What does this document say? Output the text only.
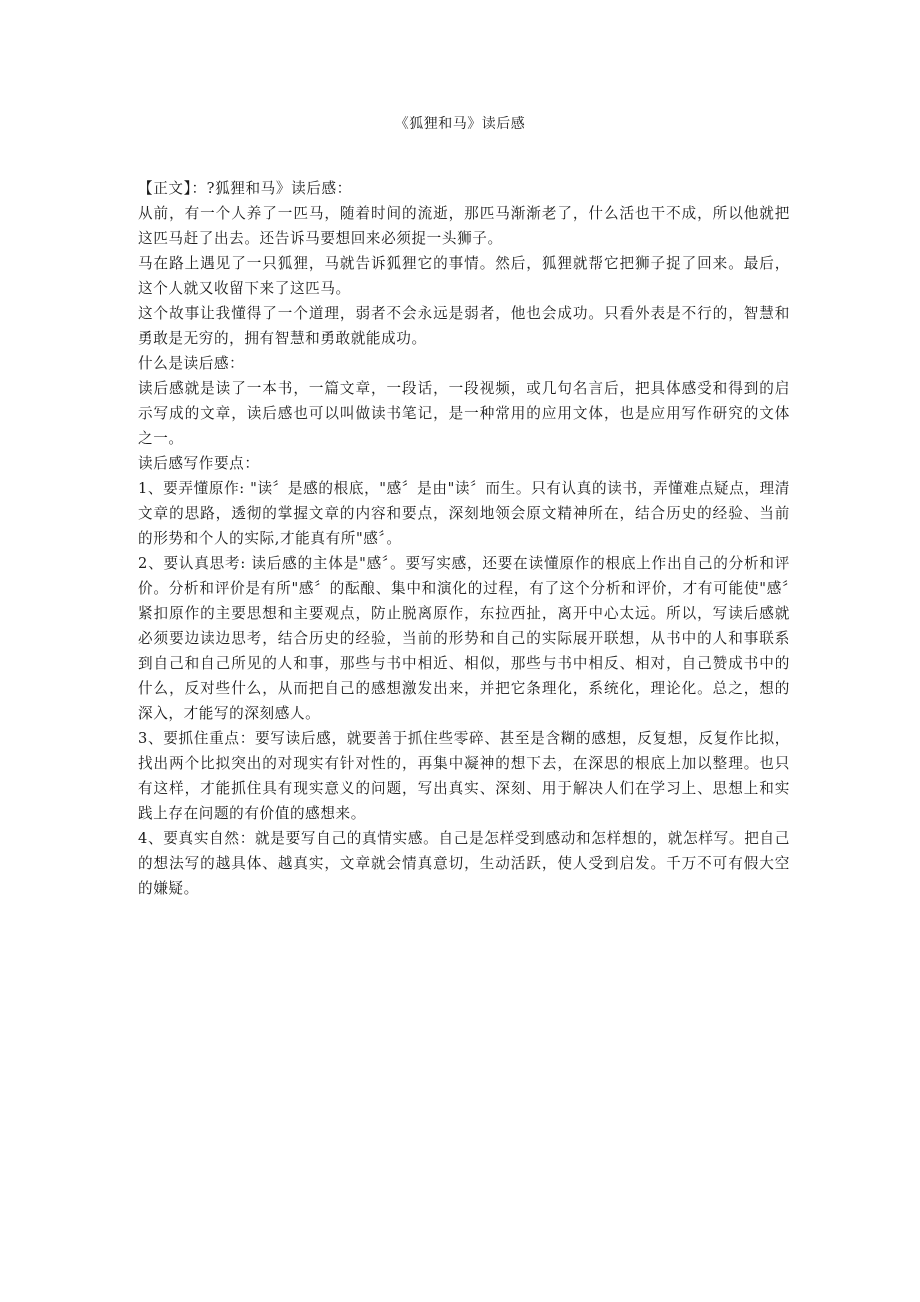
《狐狸和马》读后感

【正文】：?狐狸和马》读后感：

从前，有一个人养了一匹马，随着时间的流逝，那匹马渐渐老了，什么活也干不成，所以他就把这匹马赶了出去。还告诉马要想回来必须捉一头狮子。

马在路上遇见了一只狐狸，马就告诉狐狸它的事情。然后，狐狸就帮它把狮子捉了回来。最后，这个人就又收留下来了这匹马。

这个故事让我懂得了一个道理，弱者不会永远是弱者，他也会成功。只看外表是不行的，智慧和勇敢是无穷的，拥有智慧和勇敢就能成功。

什么是读后感：

读后感就是读了一本书，一篇文章，一段话，一段视频，或几句名言后，把具体感受和得到的启示写成的文章，读后感也可以叫做读书笔记，是一种常用的应用文体，也是应用写作研究的文体之一。

读后感写作要点：

1、要弄懂原作: "读〞是感的根底，"感〞是由"读〞而生。只有认真的读书，弄懂难点疑点，理清文章的思路，透彻的掌握文章的内容和要点，深刻地领会原文精神所在，结合历史的经验、当前的形势和个人的实际,才能真有所"感〞。

2、要认真思考: 读后感的主体是"感〞。要写实感，还要在读懂原作的根底上作出自己的分析和评价。分析和评价是有所"感〞的酝酿、集中和演化的过程，有了这个分析和评价，才有可能使"感〞紧扣原作的主要思想和主要观点，防止脱离原作，东拉西扯，离开中心太远。所以，写读后感就必须要边读边思考，结合历史的经验，当前的形势和自己的实际展开联想，从书中的人和事联系到自己和自己所见的人和事，那些与书中相近、相似，那些与书中相反、相对，自己赞成书中的什么，反对些什么，从而把自己的感想激发出来，并把它条理化，系统化，理论化。总之，想的深入，才能写的深刻感人。

3、要抓住重点：要写读后感，就要善于抓住些零碎、甚至是含糊的感想，反复想，反复作比拟，找出两个比拟突出的对现实有针对性的，再集中凝神的想下去，在深思的根底上加以整理。也只有这样，才能抓住具有现实意义的问题，写出真实、深刻、用于解决人们在学习上、思想上和实践上存在问题的有价值的感想来。

4、要真实自然：就是要写自己的真情实感。自己是怎样受到感动和怎样想的，就怎样写。把自己的想法写的越具体、越真实，文章就会情真意切，生动活跃，使人受到启发。千万不可有假大空的嫌疑。
